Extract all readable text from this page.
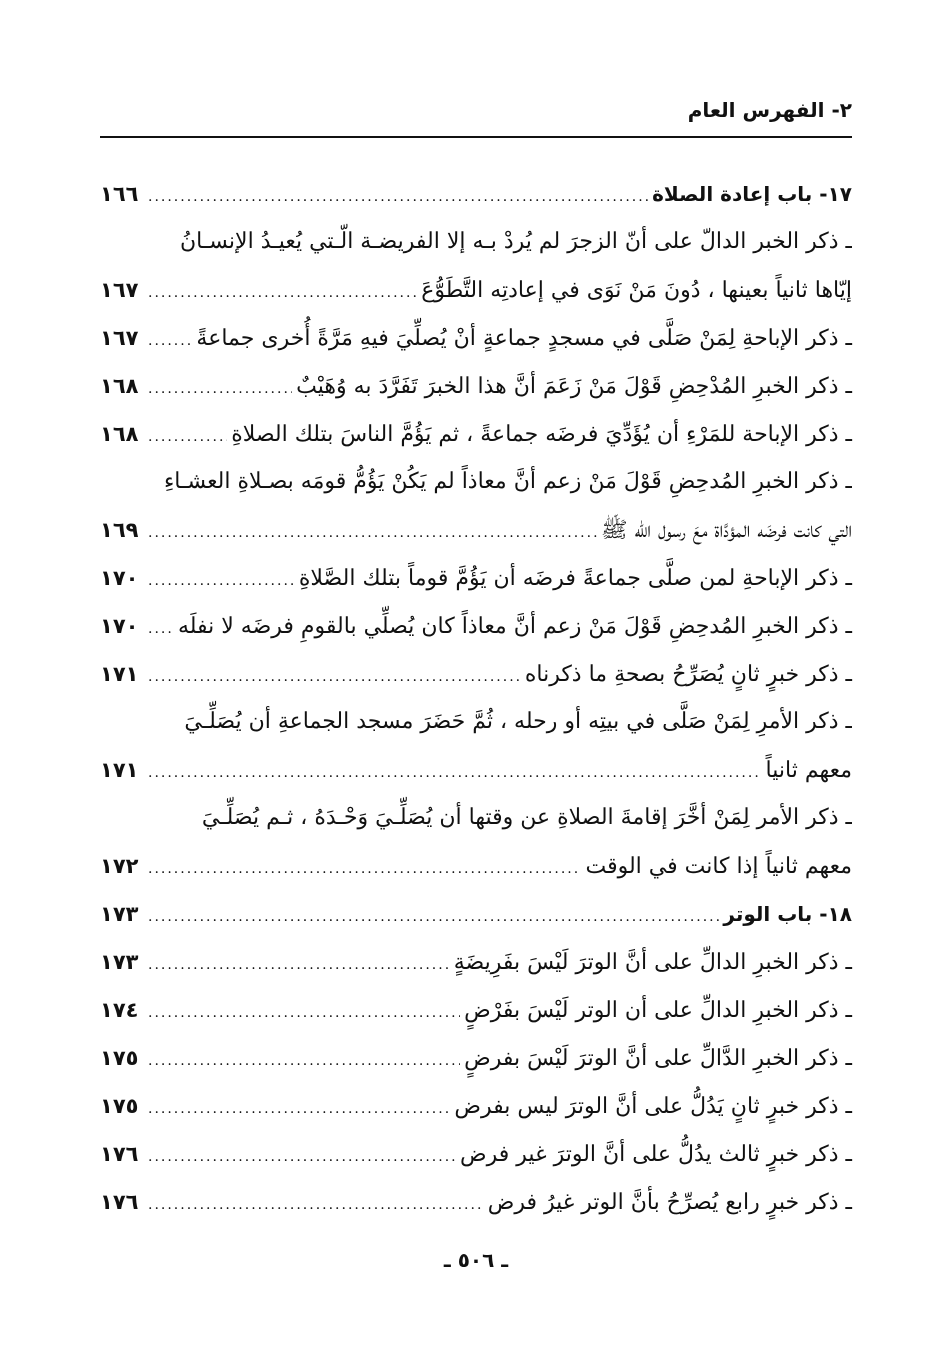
٢- الفهرس العام
١٧- باب إعادة الصلاة
.....
١٦٦
ـ ذكر الخبر الدالّ على أنّ الزجرَ لم يُردْ بـه إلا الفريضـة الّـتي يُعيـدُ الإنسـانُ
إيّاها ثانياً بعينها ، دُونَ مَنْ نَوَى في إعادتِه التَّطَوُّعَ
.....
١٦٧
ـ ذكر الإباحةِ لِمَنْ صَلَّى في مسجدٍ جماعةٍ أنْ يُصلِّيَ فيهِ مَرَّةً أُخرى جماعةً
.....
١٦٧
ـ ذكر الخبرِ المُدْحِضِ قَوْلَ مَنْ زَعَمَ أنَّ هذا الخبرَ تَفَرَّدَ به وُهَيْبٌ
.....
١٦٨
ـ ذكر الإباحة للمَرْءِ أن يُؤَدِّيَ فرضَه جماعةً ، ثم يَؤُمَّ الناسَ بتلك الصلاةِ
.....
١٦٨
ـ ذكر الخبرِ المُدحِضِ قَوْلَ مَنْ زعم أنَّ معاذاً لم يَكُنْ يَؤُمُّ قومَه بصـلاةِ العشـاءِ
التي كانت فرضَه المؤدَّاة معَ رسول اللّه ﷺ
.....
١٦٩
ـ ذكر الإباحةِ لمن صلَّى جماعةً فرضَه أن يَؤُمَّ قوماً بتلك الصَّلاةِ
.....
١٧٠
ـ ذكر الخبرِ المُدحِضِ قَوْلَ مَنْ زعم أنَّ معاذاً كان يُصلِّي بالقومِ فرضَه لا نفلَه
.....
١٧٠
ـ ذكر خبرٍ ثانٍ يُصَرِّحُ بصحةِ ما ذكرناه
.....
١٧١
ـ ذكر الأمرِ لِمَنْ صَلَّى في بيتِه أو رحله ، ثُمَّ حَضَرَ مسجد الجماعةِ أن يُصَلِّـيَ
معهم ثانياً
.....
١٧١
ـ ذكر الأمر لِمَنْ أخَّرَ إقامةَ الصلاةِ عن وقتها أن يُصَلِّـيَ وَحْـدَهُ ، ثـم يُصَلِّـيَ
معهم ثانياً إذا كانت في الوقت
.....
١٧٢
١٨- باب الوتر
.....
١٧٣
ـ ذكر الخبرِ الدالِّ على أنَّ الوترَ لَيْسَ بفَرِيضَةٍ
.....
١٧٣
ـ ذكر الخبرِ الدالِّ على أن الوتر لَيْسَ بفَرْضٍ
.....
١٧٤
ـ ذكر الخبرِ الدَّالِّ على أنَّ الوترَ لَيْسَ بفرضٍ
.....
١٧٥
ـ ذكر خبرٍ ثانٍ يَدُلُّ على أنَّ الوترَ ليس بفرض
.....
١٧٥
ـ ذكر خبرٍ ثالث يدُلُّ على أنَّ الوترَ غير فرض
.....
١٧٦
ـ ذكر خبرٍ رابع يُصرِّحُ بأنَّ الوتر غيرُ فرض
.....
١٧٦
ـ ٥٠٦ ـ
